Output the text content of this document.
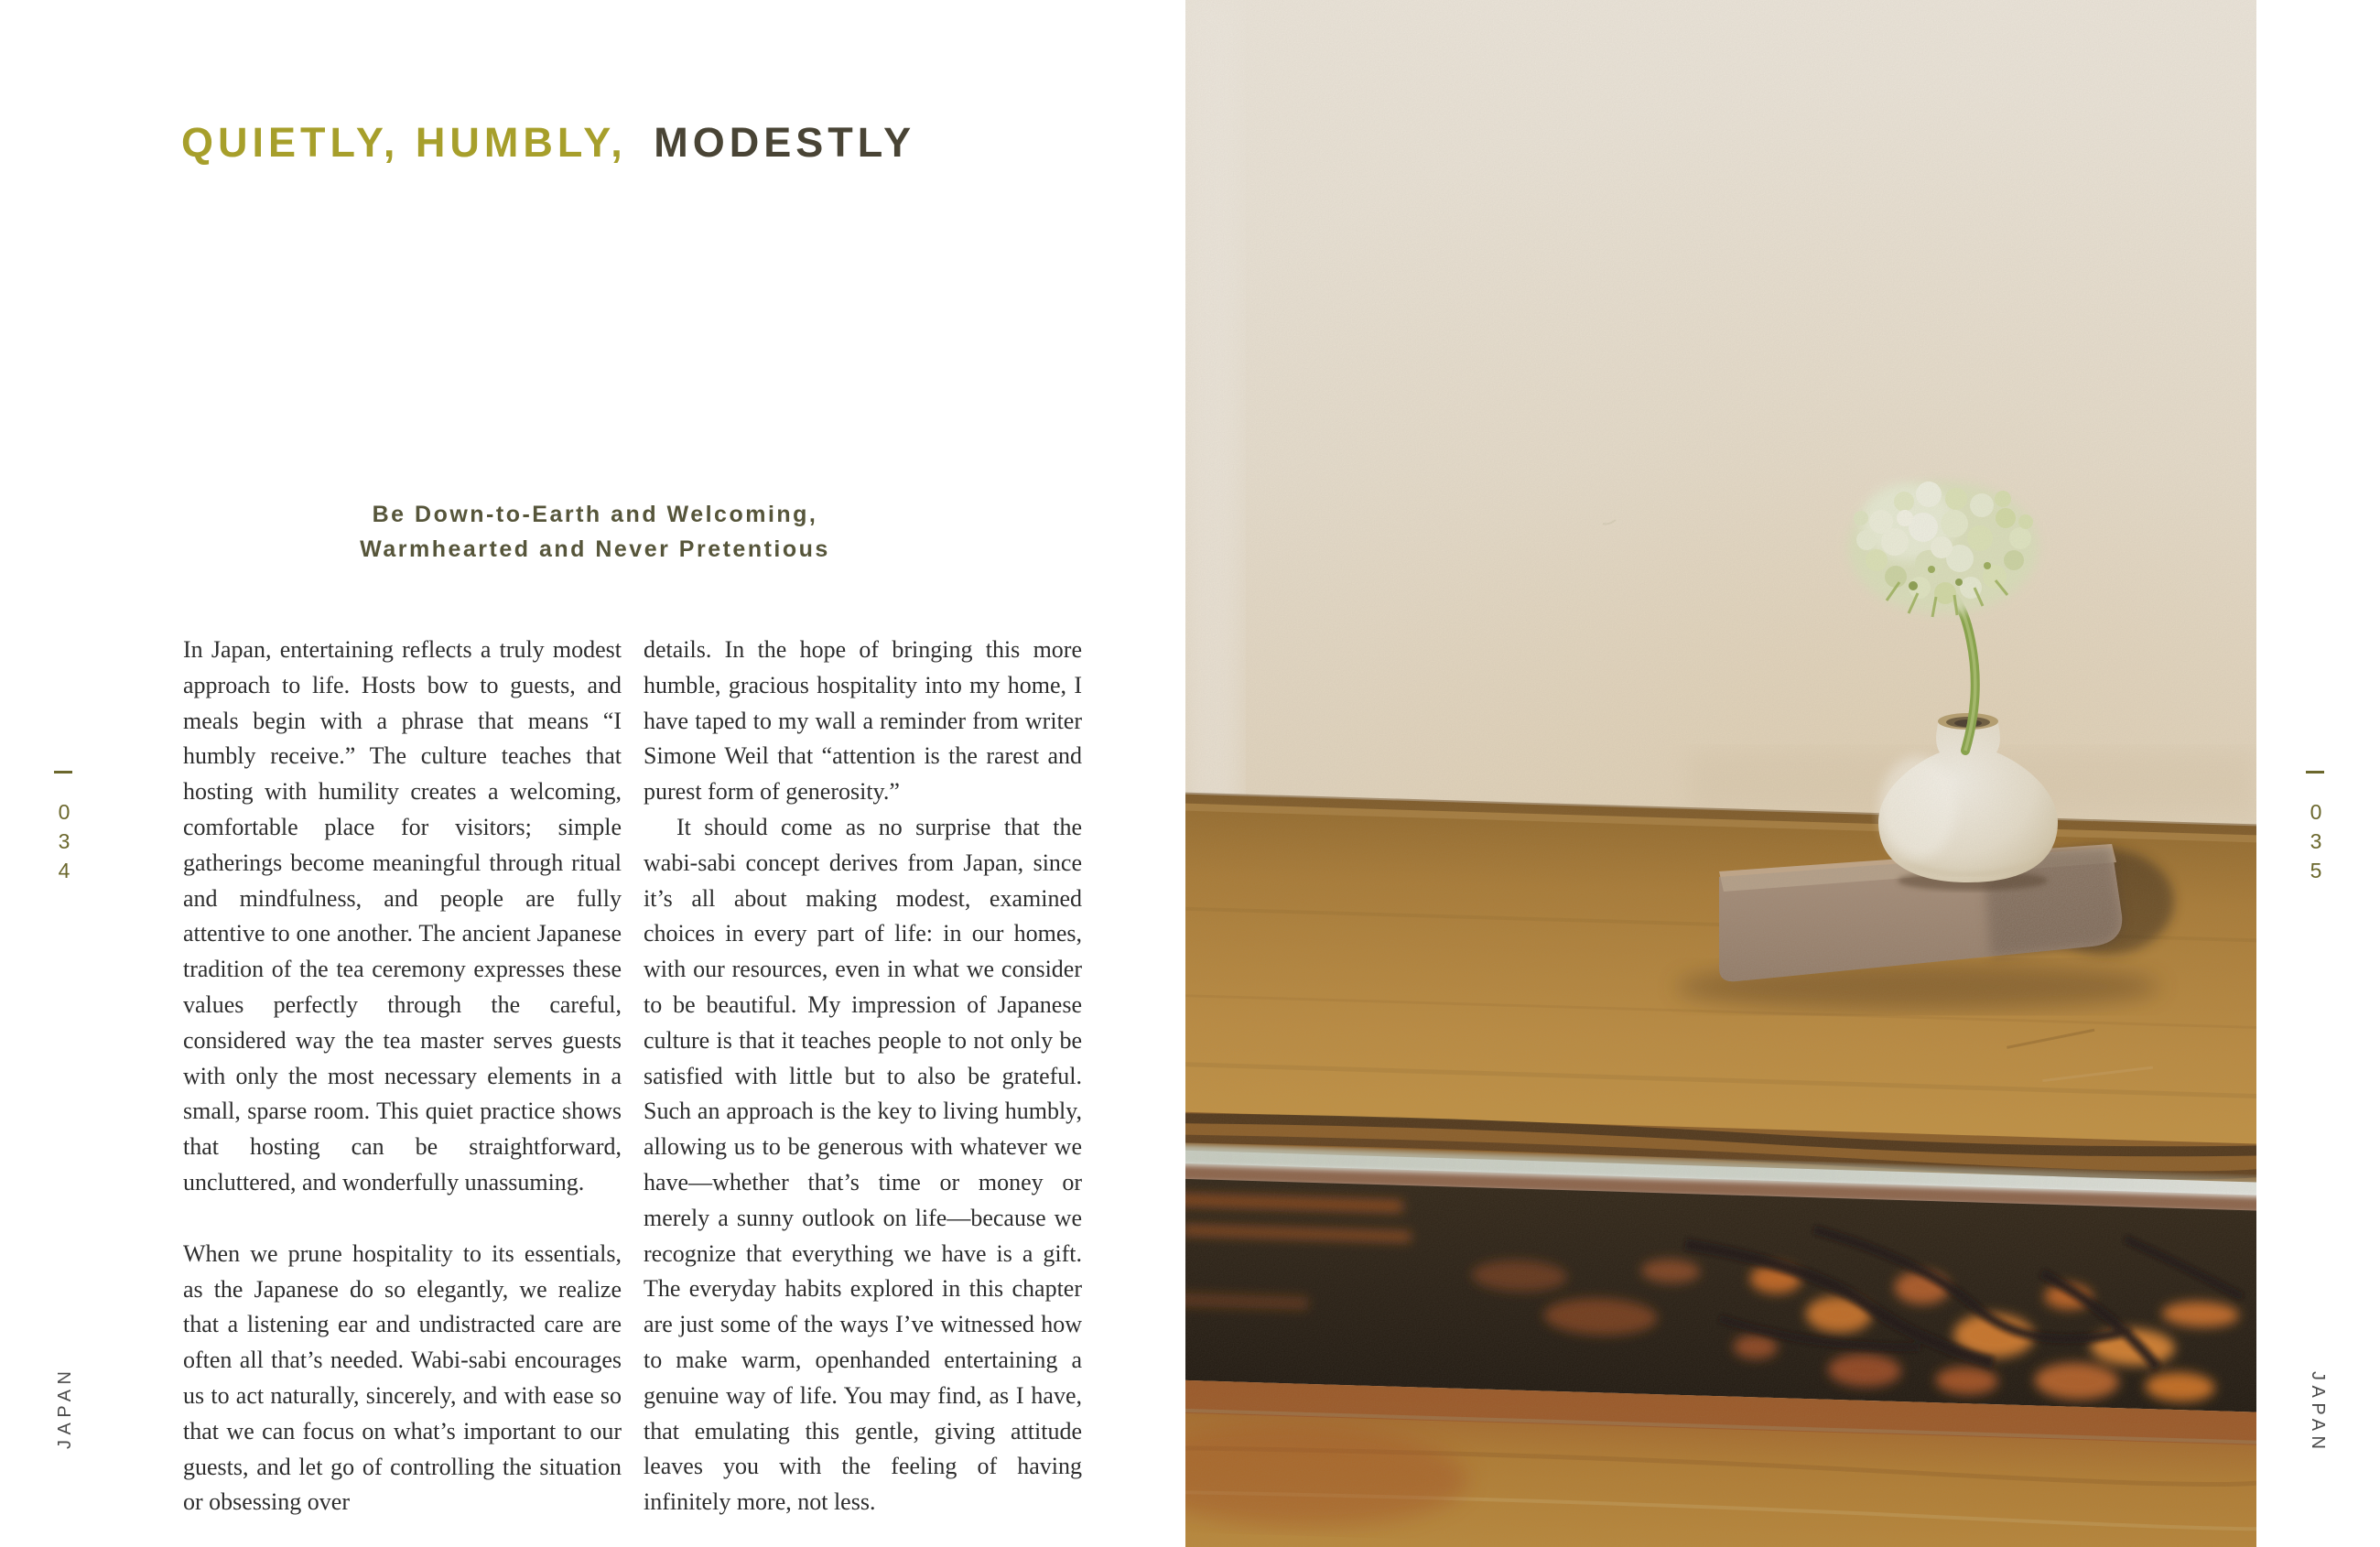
QUIETLY, HUMBLY, MODESTLY
Be Down-to-Earth and Welcoming,
Warmhearted and Never Pretentious

In Japan, entertaining reflects a truly modest approach to life. Hosts bow to guests, and meals begin with a phrase that means “I humbly receive.” The culture teaches that hosting with humility creates a welcoming, comfortable place for visitors; simple gatherings become meaningful through ritual and mindfulness, and people are fully attentive to one another. The ancient Japanese tradition of the tea ceremony expresses these values perfectly through the careful, considered way the tea master serves guests with only the most necessary elements in a small, sparse room. This quiet practice shows that hosting can be straightforward, uncluttered, and wonderfully unassuming.

When we prune hospitality to its essentials, as the Japanese do so elegantly, we realize that a listening ear and undistracted care are often all that’s needed. Wabi-sabi encourages us to act naturally, sincerely, and with ease so that we can focus on what’s important to our guests, and let go of controlling the situation or obsessing over

details. In the hope of bringing this more humble, gracious hospitality into my home, I have taped to my wall a reminder from writer Simone Weil that “attention is the rarest and purest form of generosity.”

It should come as no surprise that the wabi-sabi concept derives from Japan, since it’s all about making modest, examined choices in every part of life: in our homes, with our resources, even in what we consider to be beautiful. My impression of Japanese culture is that it teaches people to not only be satisfied with little but to also be grateful. Such an approach is the key to living humbly, allowing us to be generous with whatever we have—whether that’s time or money or merely a sunny outlook on life—because we recognize that everything we have is a gift. The everyday habits explored in this chapter are just some of the ways I’ve witnessed how to make warm, openhanded entertaining a genuine way of life. You may find, as I have, that emulating this gentle, giving attitude leaves you with the feeling of having infinitely more, not less.

034
JAPAN
035
JAPAN
